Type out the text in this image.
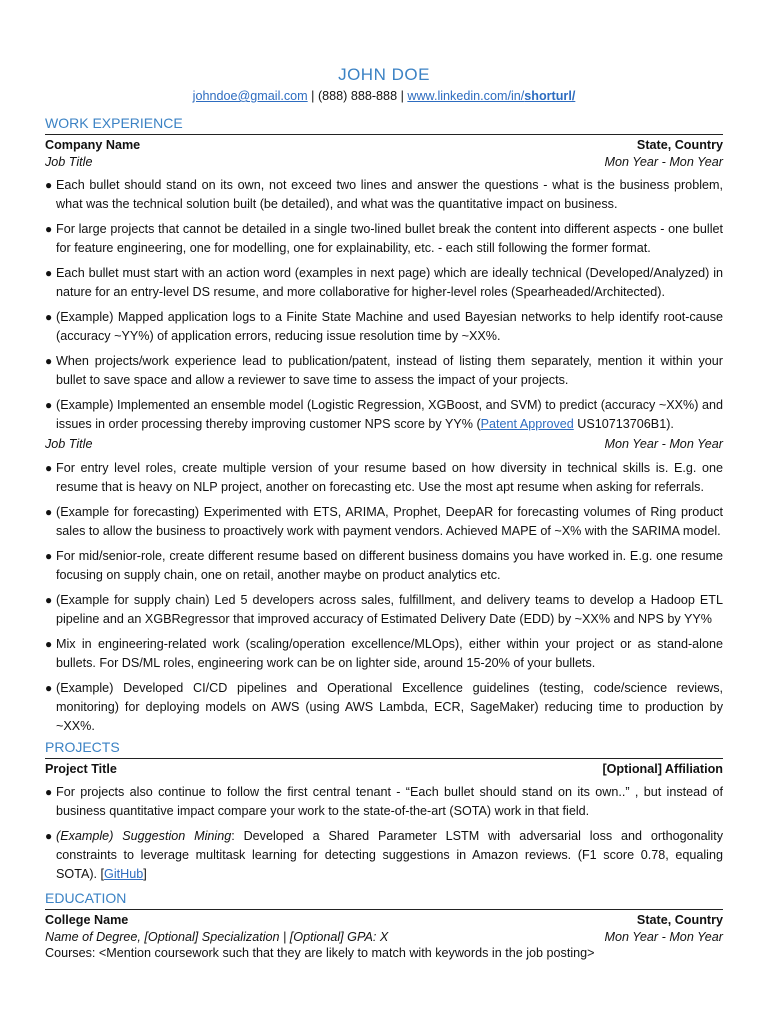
JOHN DOE
johndoe@gmail.com | (888) 888-888 | www.linkedin.com/in/shorturl/
WORK EXPERIENCE
Company Name	State, Country
Job Title	Mon Year - Mon Year
● Each bullet should stand on its own, not exceed two lines and answer the questions - what is the business problem, what was the technical solution built (be detailed), and what was the quantitative impact on business.
● For large projects that cannot be detailed in a single two-lined bullet break the content into different aspects - one bullet for feature engineering, one for modelling, one for explainability, etc. - each still following the former format.
● Each bullet must start with an action word (examples in next page) which are ideally technical (Developed/Analyzed) in nature for an entry-level DS resume, and more collaborative for higher-level roles (Spearheaded/Architected).
● (Example) Mapped application logs to a Finite State Machine and used Bayesian networks to help identify root-cause (accuracy ~YY%) of application errors, reducing issue resolution time by ~XX%.
● When projects/work experience lead to publication/patent, instead of listing them separately, mention it within your bullet to save space and allow a reviewer to save time to assess the impact of your projects.
● (Example) Implemented an ensemble model (Logistic Regression, XGBoost, and SVM) to predict (accuracy ~XX%) and issues in order processing thereby improving customer NPS score by YY% (Patent Approved US10713706B1).
Job Title	Mon Year - Mon Year
● For entry level roles, create multiple version of your resume based on how diversity in technical skills is. E.g. one resume that is heavy on NLP project, another on forecasting etc. Use the most apt resume when asking for referrals.
● (Example for forecasting) Experimented with ETS, ARIMA, Prophet, DeepAR for forecasting volumes of Ring product sales to allow the business to proactively work with payment vendors. Achieved MAPE of ~X% with the SARIMA model.
● For mid/senior-role, create different resume based on different business domains you have worked in. E.g. one resume focusing on supply chain, one on retail, another maybe on product analytics etc.
● (Example for supply chain) Led 5 developers across sales, fulfillment, and delivery teams to develop a Hadoop ETL pipeline and an XGBRegressor that improved accuracy of Estimated Delivery Date (EDD) by ~XX% and NPS by YY%
● Mix in engineering-related work (scaling/operation excellence/MLOps), either within your project or as stand-alone bullets. For DS/ML roles, engineering work can be on lighter side, around 15-20% of your bullets.
● (Example) Developed CI/CD pipelines and Operational Excellence guidelines (testing, code/science reviews, monitoring) for deploying models on AWS (using AWS Lambda, ECR, SageMaker) reducing time to production by ~XX%.
PROJECTS
Project Title	[Optional] Affiliation
● For projects also continue to follow the first central tenant - “Each bullet should stand on its own..” , but instead of business quantitative impact compare your work to the state-of-the-art (SOTA) work in that field.
● (Example) Suggestion Mining: Developed a Shared Parameter LSTM with adversarial loss and orthogonality constraints to leverage multitask learning for detecting suggestions in Amazon reviews. (F1 score 0.78, equaling SOTA). [GitHub]
EDUCATION
College Name	State, Country
Name of Degree, [Optional] Specialization | [Optional] GPA: X	Mon Year - Mon Year
Courses: <Mention coursework such that they are likely to match with keywords in the job posting>
